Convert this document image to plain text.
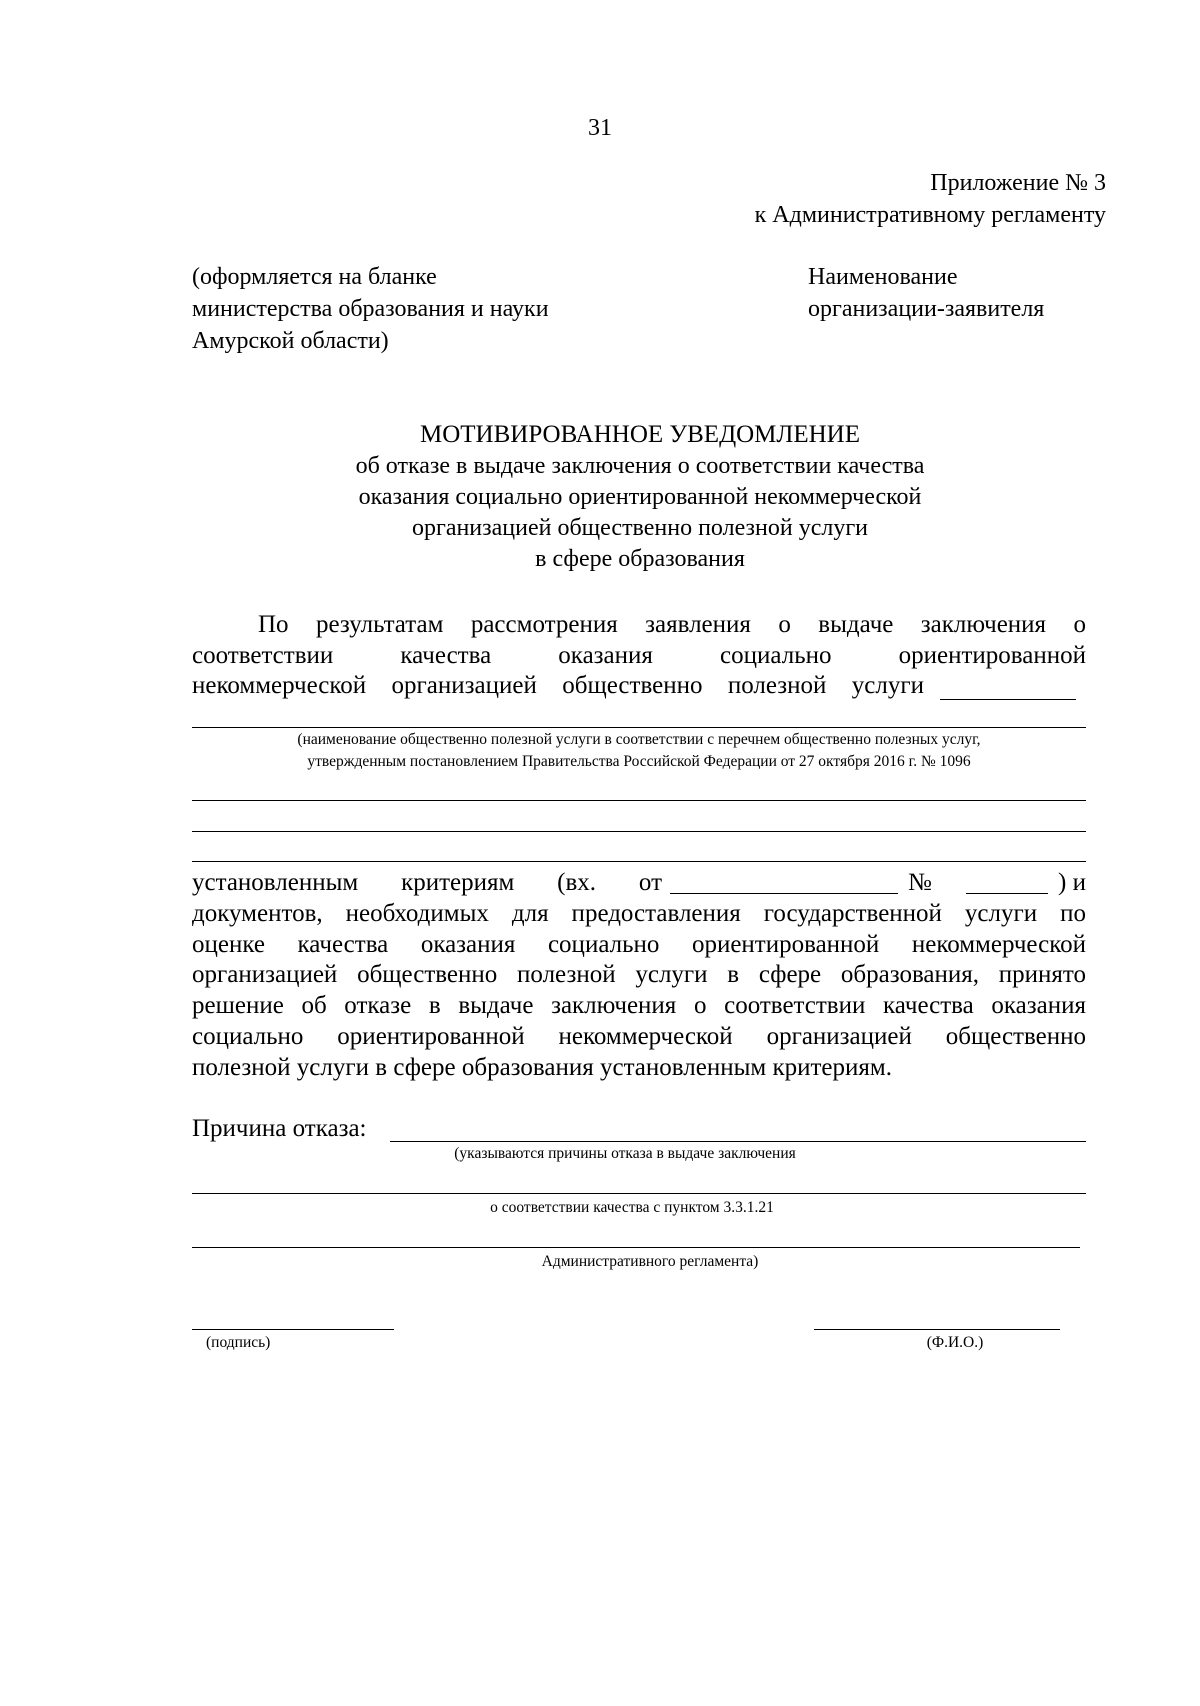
31
Приложение № 3
к Административному регламенту
(оформляется на бланке
министерства образования и науки
Амурской области)
Наименование
организации-заявителя
МОТИВИРОВАННОЕ УВЕДОМЛЕНИЕ
об отказе в выдаче заключения о соответствии качества
оказания социально ориентированной некоммерческой
организацией общественно полезной услуги
в сфере образования
По результатам рассмотрения заявления о выдаче заключения о
соответствии качества оказания социально ориентированной
некоммерческой организацией общественно полезной услуги
(наименование общественно полезной услуги в соответствии с перечнем общественно полезных услуг,
утвержденным постановлением Правительства Российской Федерации от 27 октября 2016 г. № 1096
установленным критериям (вх. от	№	) и
документов, необходимых для предоставления государственной услуги по
оценке качества оказания социально ориентированной некоммерческой
организацией общественно полезной услуги в сфере образования, принято
решение об отказе в выдаче заключения о соответствии качества оказания
социально ориентированной некоммерческой организацией общественно
полезной услуги в сфере образования установленным критериям.
Причина отказа:
(указываются причины отказа в выдаче заключения
о соответствии качества с пунктом 3.3.1.21
Административного регламента)
(подпись)	(Ф.И.О.)
